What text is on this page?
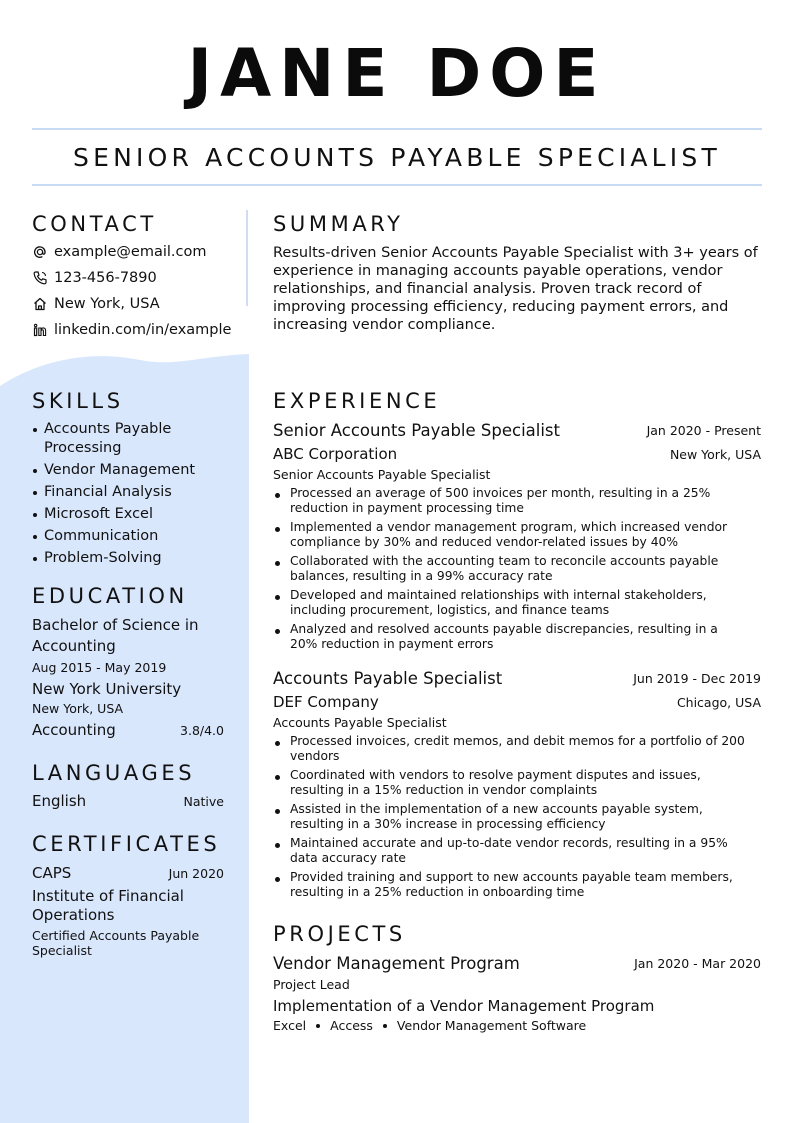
JANE DOE
SENIOR ACCOUNTS PAYABLE SPECIALIST
CONTACT
example@email.com
123-456-7890
New York, USA
linkedin.com/in/example
SKILLS
Accounts Payable Processing
Vendor Management
Financial Analysis
Microsoft Excel
Communication
Problem-Solving
EDUCATION
Bachelor of Science in Accounting
Aug 2015 - May 2019
New York University
New York, USA
Accounting	3.8/4.0
LANGUAGES
English	Native
CERTIFICATES
CAPS	Jun 2020
Institute of Financial Operations
Certified Accounts Payable Specialist
SUMMARY
Results-driven Senior Accounts Payable Specialist with 3+ years of experience in managing accounts payable operations, vendor relationships, and financial analysis. Proven track record of improving processing efficiency, reducing payment errors, and increasing vendor compliance.
EXPERIENCE
Senior Accounts Payable Specialist	Jan 2020 - Present
ABC Corporation	New York, USA
Senior Accounts Payable Specialist
Processed an average of 500 invoices per month, resulting in a 25% reduction in payment processing time
Implemented a vendor management program, which increased vendor compliance by 30% and reduced vendor-related issues by 40%
Collaborated with the accounting team to reconcile accounts payable balances, resulting in a 99% accuracy rate
Developed and maintained relationships with internal stakeholders, including procurement, logistics, and finance teams
Analyzed and resolved accounts payable discrepancies, resulting in a 20% reduction in payment errors
Accounts Payable Specialist	Jun 2019 - Dec 2019
DEF Company	Chicago, USA
Accounts Payable Specialist
Processed invoices, credit memos, and debit memos for a portfolio of 200 vendors
Coordinated with vendors to resolve payment disputes and issues, resulting in a 15% reduction in vendor complaints
Assisted in the implementation of a new accounts payable system, resulting in a 30% increase in processing efficiency
Maintained accurate and up-to-date vendor records, resulting in a 95% data accuracy rate
Provided training and support to new accounts payable team members, resulting in a 25% reduction in onboarding time
PROJECTS
Vendor Management Program	Jan 2020 - Mar 2020
Project Lead
Implementation of a Vendor Management Program
Excel Access Vendor Management Software
